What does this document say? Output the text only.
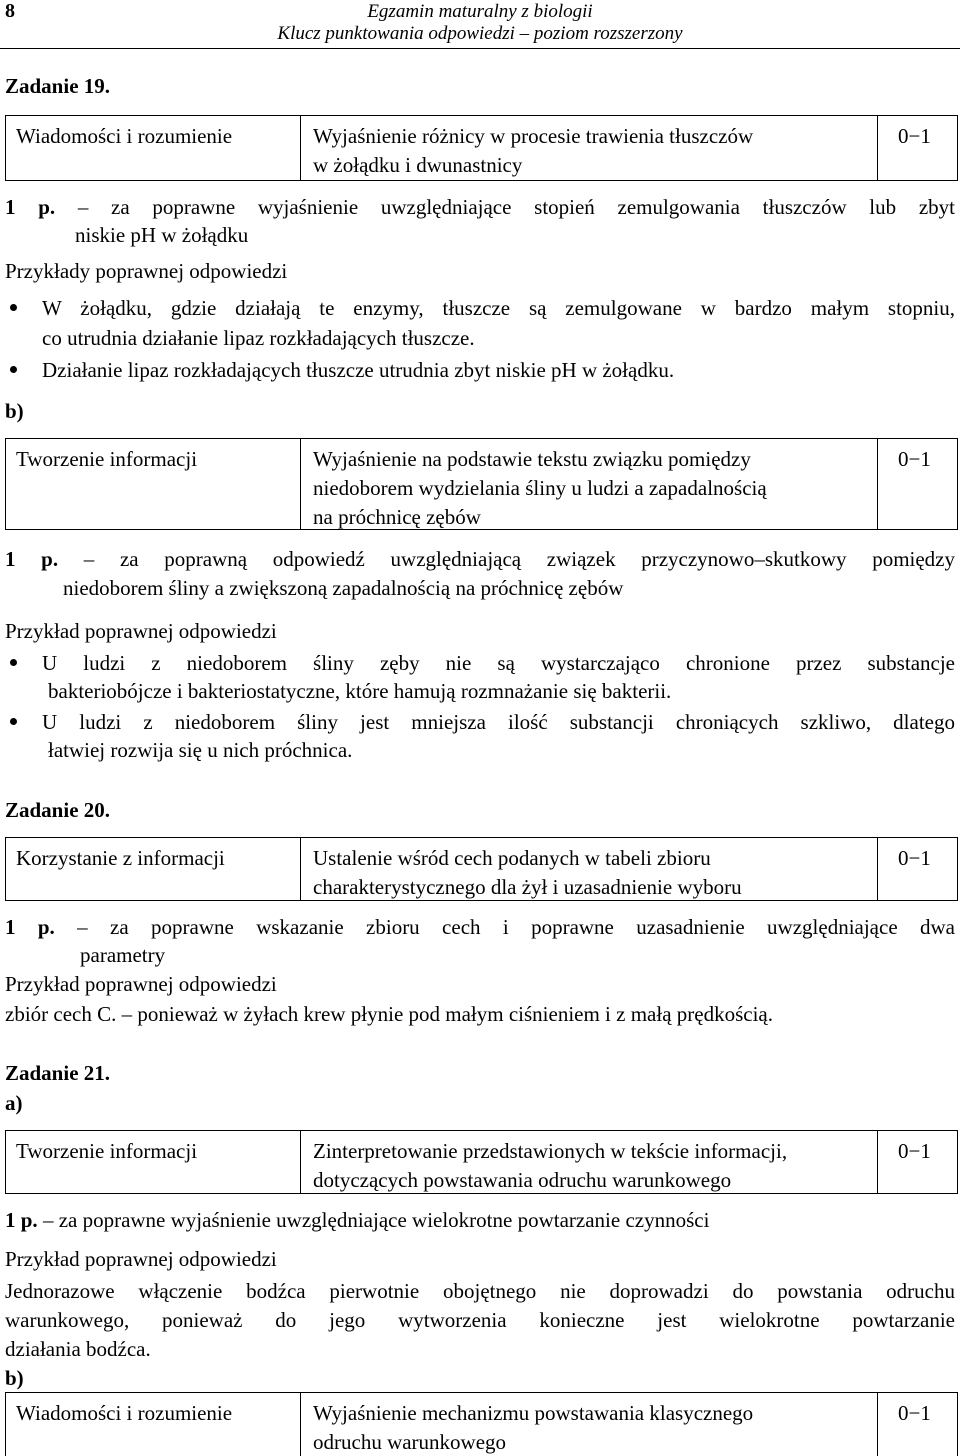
8	Egzamin maturalny z biologii
Klucz punktowania odpowiedzi – poziom rozszerzony
Zadanie 19.
Wiadomości i rozumienie	Wyjaśnienie różnicy w procesie trawienia tłuszczów
w żołądku i dwunastnicy
0−1
1 p. – za poprawne wyjaśnienie uwzględniające stopień zemulgowania tłuszczów lub zbyt
niskie pH w żołądku
Przykłady poprawnej odpowiedzi
W żołądku, gdzie działają te enzymy, tłuszcze są zemulgowane w bardzo małym stopniu,
co utrudnia działanie lipaz rozkładających tłuszcze.
Działanie lipaz rozkładających tłuszcze utrudnia zbyt niskie pH w żołądku.
b)
Tworzenie informacji	Wyjaśnienie na podstawie tekstu związku pomiędzy
niedoborem wydzielania śliny u ludzi a zapadalnością
na próchnicę zębów
0−1
1 p. – za poprawną odpowiedź uwzględniającą związek przyczynowo–skutkowy pomiędzy
niedoborem śliny a zwiększoną zapadalnością na próchnicę zębów
Przykład poprawnej odpowiedzi
U ludzi z niedoborem śliny zęby nie są wystarczająco chronione przez substancje
bakteriobójcze i bakteriostatyczne, które hamują rozmnażanie się bakterii.
U ludzi z niedoborem śliny jest mniejsza ilość substancji chroniących szkliwo, dlatego
łatwiej rozwija się u nich próchnica.
Zadanie 20.
Korzystanie z informacji	Ustalenie wśród cech podanych w tabeli zbioru
charakterystycznego dla żył i uzasadnienie wyboru
0−1
1 p. – za poprawne wskazanie zbioru cech i poprawne uzasadnienie uwzględniające dwa
parametry
Przykład poprawnej odpowiedzi
zbiór cech C. – ponieważ w żyłach krew płynie pod małym ciśnieniem i z małą prędkością.
Zadanie 21.
a)
Tworzenie informacji	Zinterpretowanie przedstawionych w tekście informacji,
dotyczących powstawania odruchu warunkowego
0−1
1 p. – za poprawne wyjaśnienie uwzględniające wielokrotne powtarzanie czynności
Przykład poprawnej odpowiedzi
Jednorazowe włączenie bodźca pierwotnie obojętnego nie doprowadzi do powstania odruchu
warunkowego, ponieważ do jego wytworzenia konieczne jest wielokrotne powtarzanie
działania bodźca.
b)
Wiadomości i rozumienie	Wyjaśnienie mechanizmu powstawania klasycznego
odruchu warunkowego
0−1
